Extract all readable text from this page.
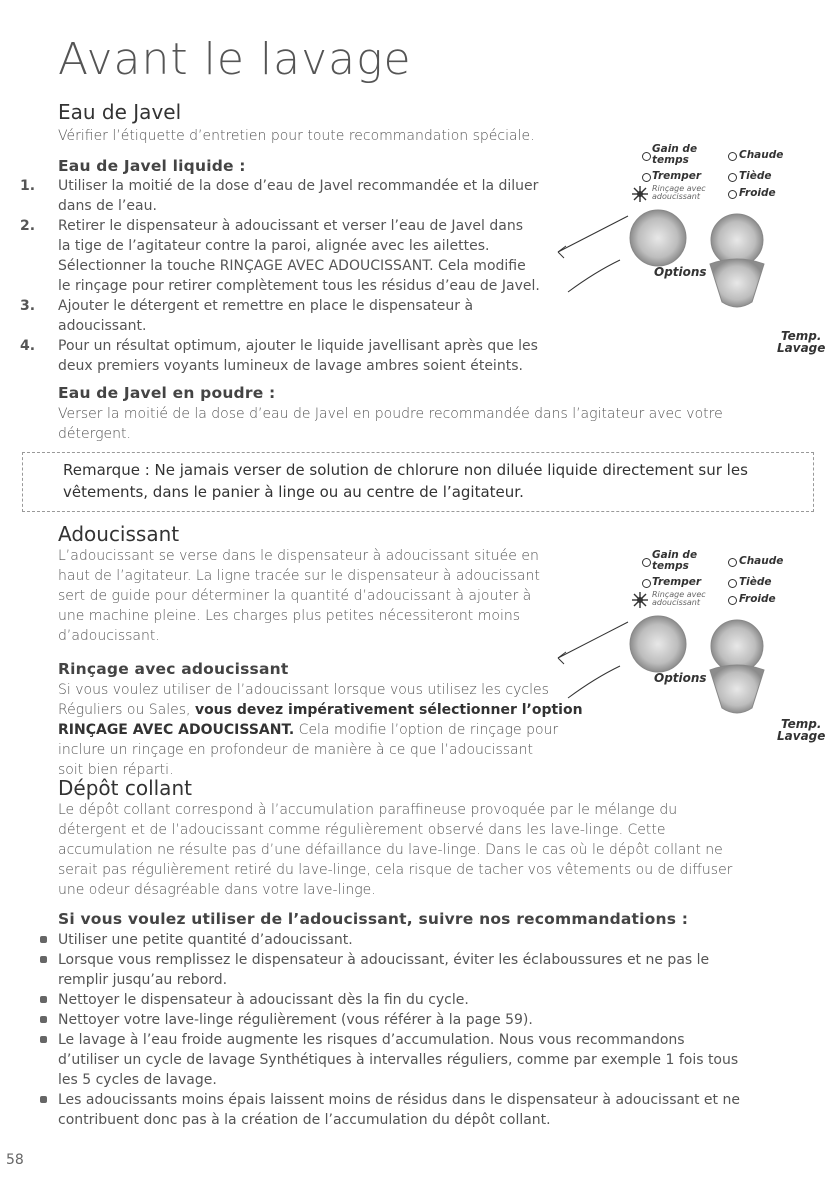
Avant le lavage
Eau de Javel
Vérifier l’étiquette d’entretien pour toute recommandation spéciale.
Eau de Javel liquide :
1. Utiliser la moitié de la dose d’eau de Javel recommandée et la diluer
dans de l’eau.
2. Retirer le dispensateur à adoucissant et verser l’eau de Javel dans
la tige de l’agitateur contre la paroi, alignée avec les ailettes.
Sélectionner la touche RINÇAGE AVEC ADOUCISSANT. Cela modifie
le rinçage pour retirer complètement tous les résidus d’eau de Javel.
3. Ajouter le détergent et remettre en place le dispensateur à adoucissant.
4. Pour un résultat optimum, ajouter le liquide javellisant après que les
deux premiers voyants lumineux de lavage ambres soient éteints.
Eau de Javel en poudre :
Verser la moitié de la dose d’eau de Javel en poudre recommandée dans l’agitateur avec votre
détergent.
Remarque : Ne jamais verser de solution de chlorure non diluée liquide directement sur les
vêtements, dans le panier à linge ou au centre de l’agitateur.
Adoucissant
L’adoucissant se verse dans le dispensateur à adoucissant située en
haut de l’agitateur. La ligne tracée sur le dispensateur à adoucissant
sert de guide pour déterminer la quantité d’adoucissant à ajouter à
une machine pleine. Les charges plus petites nécessiteront moins
d’adoucissant.
Rinçage avec adoucissant
Si vous voulez utiliser de l’adoucissant lorsque vous utilisez les cycles
Réguliers ou Sales, vous devez impérativement sélectionner l’option
RINÇAGE AVEC ADOUCISSANT. Cela modifie l’option de rinçage pour
inclure un rinçage en profondeur de manière à ce que l’adoucissant
soit bien réparti.
Dépôt collant
Le dépôt collant correspond à l’accumulation paraffineuse provoquée par le mélange du
détergent et de l’adoucissant comme régulièrement observé dans les lave-linge. Cette
accumulation ne résulte pas d’une défaillance du lave-linge. Dans le cas où le dépôt collant ne
serait pas régulièrement retiré du lave-linge, cela risque de tacher vos vêtements ou de diffuser
une odeur désagréable dans votre lave-linge.
Si vous voulez utiliser de l’adoucissant, suivre nos recommandations :
Utiliser une petite quantité d’adoucissant.
Lorsque vous remplissez le dispensateur à adoucissant, éviter les éclaboussures et ne pas le
remplir jusqu’au rebord.
Nettoyer le dispensateur à adoucissant dès la fin du cycle.
Nettoyer votre lave-linge régulièrement (vous référer à la page 59).
Le lavage à l’eau froide augmente les risques d’accumulation. Nous vous recommandons
d’utiliser un cycle de lavage Synthétiques à intervalles réguliers, comme par exemple 1 fois tous
les 5 cycles de lavage.
Les adoucissants moins épais laissent moins de résidus dans le dispensateur à adoucissant et ne
contribuent donc pas à la création de l’accumulation du dépôt collant.
58
Gain de
temps
Tremper
Rinçage avec
adoucissant
Chaude
Tiède
Froide
Options
Temp.
Lavage
Gain de
temps
Tremper
Rinçage avec
adoucissant
Chaude
Tiède
Froide
Options
Temp.
Lavage
